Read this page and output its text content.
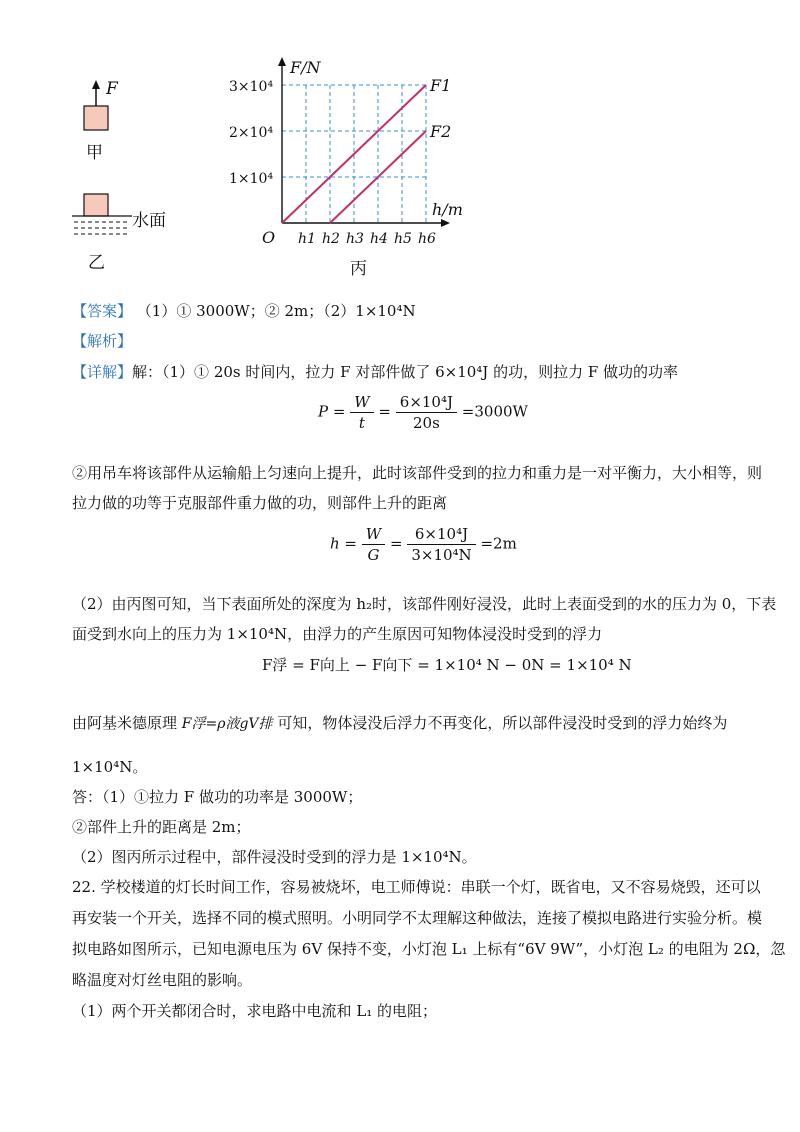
F
甲
水面
乙
F/N
h/m
O
1×10⁴
2×10⁴
3×10⁴
h1 h2 h3 h4 h5 h6
F1
F2
丙
【答案】 （1）① 3000W；② 2m；（2）1×10⁴N
【解析】
【详解】解：（1）① 20s 时间内，拉力 F 对部件做了 6×10⁴J 的功，则拉力 F 做功的功率
$P = \frac{W}{t} = \frac{\text{6×10⁴J}}{20s} =3000W$
②用吊车将该部件从运输船上匀速向上提升，此时该部件受到的拉力和重力是一对平衡力，大小相等，则
拉力做的功等于克服部件重力做的功，则部件上升的距离
$h = \frac{W}{G} = \frac{\text{6×10⁴J}}{\text{3×10⁴N}} =2m$
（2）由丙图可知，当下表面所处的深度为 h₂时，该部件刚好浸没，此时上表面受到的水的压力为 0，下表
面受到水向上的压力为 1×10⁴N，由浮力的产生原因可知物体浸没时受到的浮力
F浮 = F向上 − F向下 = 1×10⁴ N − 0N = 1×10⁴ N
由阿基米德原理 F浮=ρ液gV排 可知，物体浸没后浮力不再变化，所以部件浸没时受到的浮力始终为
1×10⁴N。
答：（1）①拉力 F 做功的功率是 3000W；
②部件上升的距离是 2m；
（2）图丙所示过程中，部件浸没时受到的浮力是 1×10⁴N。
22. 学校楼道的灯长时间工作，容易被烧坏，电工师傅说：串联一个灯，既省电，又不容易烧毁，还可以
再安装一个开关，选择不同的模式照明。小明同学不太理解这种做法，连接了模拟电路进行实验分析。模
拟电路如图所示，已知电源电压为 6V 保持不变，小灯泡 L₁ 上标有“6V 9W”，小灯泡 L₂ 的电阻为 2Ω，忽
略温度对灯丝电阻的影响。
（1）两个开关都闭合时，求电路中电流和 L₁ 的电阻；
